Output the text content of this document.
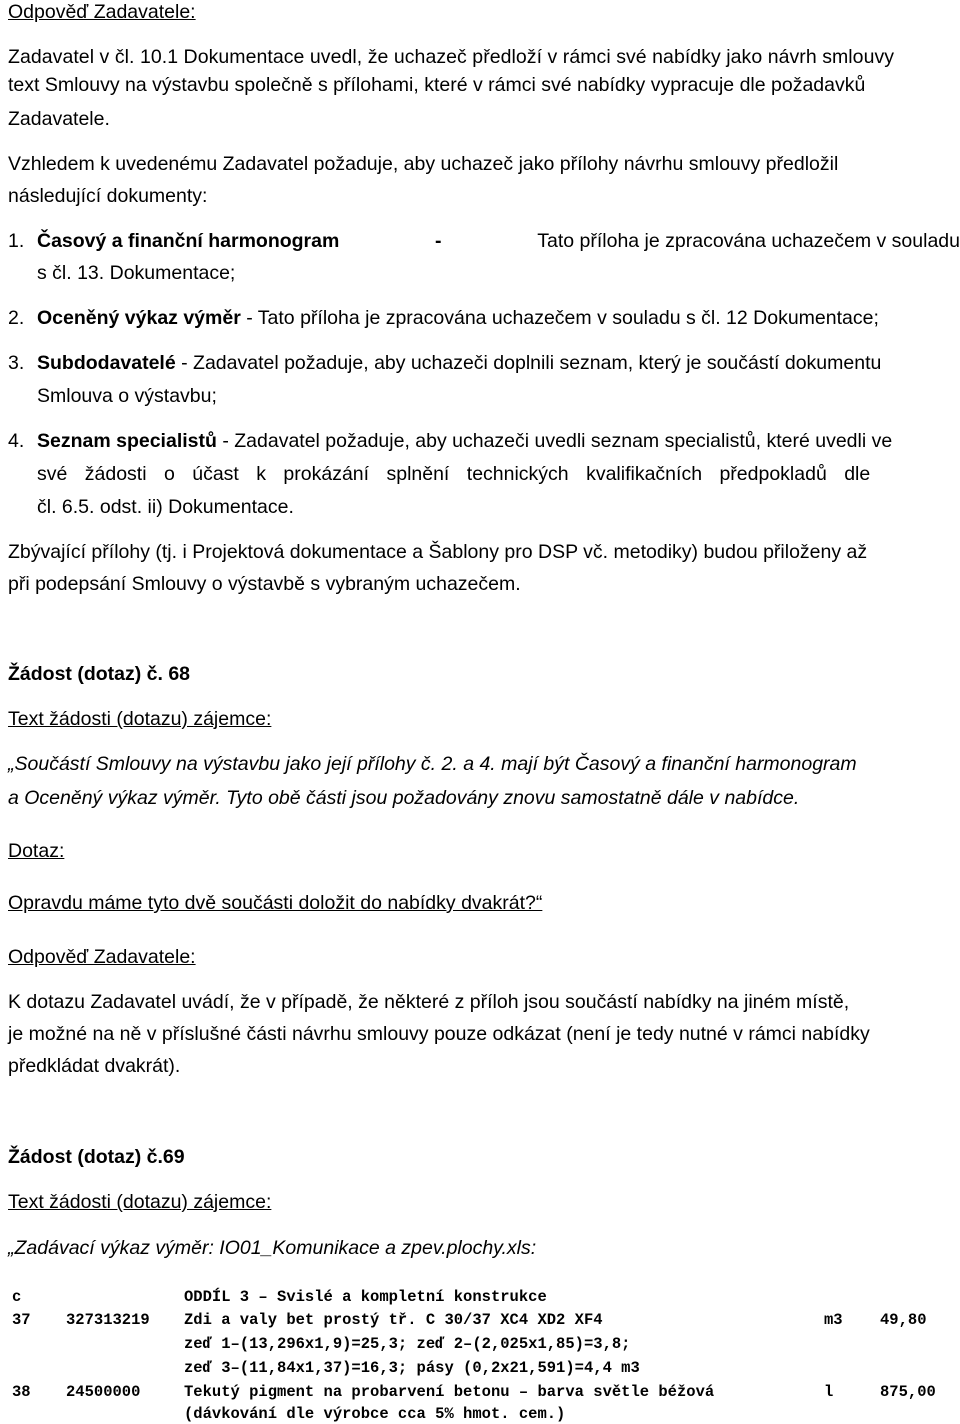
Odpověď Zadavatele:
Zadavatel v čl. 10.1 Dokumentace uvedl, že uchazeč předloží v rámci své nabídky jako návrh smlouvy
text Smlouvy na výstavbu společně s přílohami, které v rámci své nabídky vypracuje dle požadavků
Zadavatele.
Vzhledem k uvedenému Zadavatel požaduje, aby uchazeč jako přílohy návrhu smlouvy předložil
následující dokumenty:
1. Časový a finanční harmonogram	-	Tato příloha je zpracována uchazečem v souladu
s čl. 13. Dokumentace;
2. Oceněný výkaz výměr - Tato příloha je zpracována uchazečem v souladu s čl. 12 Dokumentace;
3. Subdodavatelé - Zadavatel požaduje, aby uchazeči doplnili seznam, který je součástí dokumentu
Smlouva o výstavbu;
4. Seznam specialistů - Zadavatel požaduje, aby uchazeči uvedli seznam specialistů, které uvedli ve
své žádosti o účast k prokázání splnění technických kvalifikačních předpokladů dle
čl. 6.5. odst. ii) Dokumentace.
Zbývající přílohy (tj. i Projektová dokumentace a Šablony pro DSP vč. metodiky) budou přiloženy až
při podepsání Smlouvy o výstavbě s vybraným uchazečem.
Žádost (dotaz) č. 68
Text žádosti (dotazu) zájemce:
„Součástí Smlouvy na výstavbu jako její přílohy č. 2. a 4. mají být Časový a finanční harmonogram
a Oceněný výkaz výměr. Tyto obě části jsou požadovány znovu samostatně dále v nabídce.
Dotaz:
Opravdu máme tyto dvě součásti doložit do nabídky dvakrát?“
Odpověď Zadavatele:
K dotazu Zadavatel uvádí, že v případě, že některé z příloh jsou součástí nabídky na jiném místě,
je možné na ně v příslušné části návrhu smlouvy pouze odkázat (není je tedy nutné v rámci nabídky
předkládat dvakrát).
Žádost (dotaz) č.69
Text žádosti (dotazu) zájemce:
„Zadávací výkaz výměr: IO01_Komunikace a zpev.plochy.xls:
c	ODDÍL 3 – Svislé a kompletní konstrukce
37 327313219 Zdi a valy bet prostý tř. C 30/37 XC4 XD2 XF4	m3 49,80
zeď 1–(13,296x1,9)=25,3; zeď 2–(2,025x1,85)=3,8;
zeď 3–(11,84x1,37)=16,3; pásy (0,2x21,591)=4,4 m3
38 24500000	Tekutý pigment na probarvení betonu – barva světle béžová	l	875,00
(dávkování dle výrobce cca 5% hmot. cem.)
